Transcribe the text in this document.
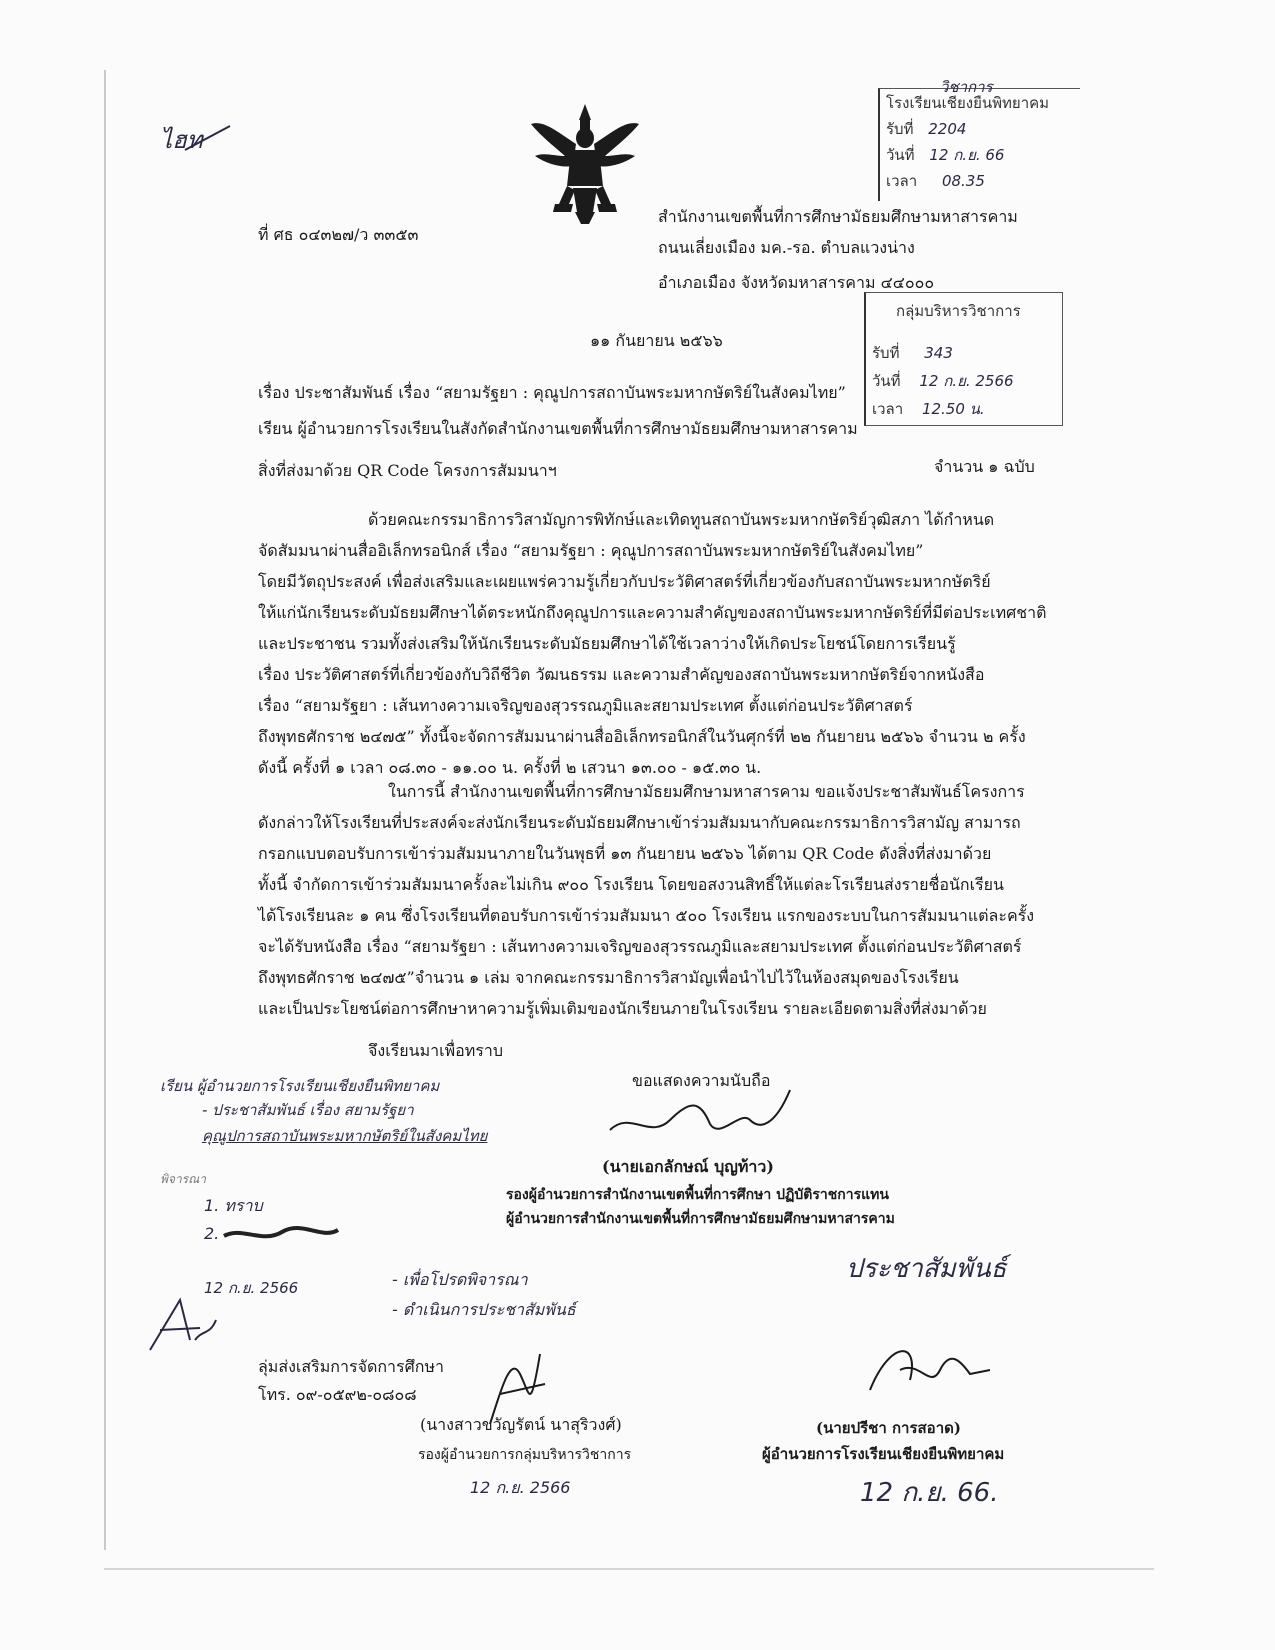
ไฮท
โรงเรียนเชียงยืนพิทยาคม
วิชาการ
รับที่ 2204
วันที่ 12 ก.ย. 66
เวลา 08.35
ที่ ศธ ๐๔๓๒๗/ว ๓๓๕๓
สำนักงานเขตพื้นที่การศึกษามัธยมศึกษามหาสารคาม
ถนนเลี่ยงเมือง มค.-รอ. ตำบลแวงน่าง
อำเภอเมือง จังหวัดมหาสารคาม ๔๔๐๐๐
กลุ่มบริหารวิชาการ
รับที่ 343
วันที่ 12 ก.ย. 2566
เวลา 12.50 น.
๑๑ กันยายน ๒๕๖๖
เรื่อง ประชาสัมพันธ์ เรื่อง “สยามรัฐยา : คุณูปการสถาบันพระมหากษัตริย์ในสังคมไทย”
เรียน ผู้อำนวยการโรงเรียนในสังกัดสำนักงานเขตพื้นที่การศึกษามัธยมศึกษามหาสารคาม
สิ่งที่ส่งมาด้วย QR Code โครงการสัมมนาฯ	จำนวน ๑ ฉบับ
ด้วยคณะกรรมาธิการวิสามัญการพิทักษ์และเทิดทูนสถาบันพระมหากษัตริย์วุฒิสภา ได้กำหนด
จัดสัมมนาผ่านสื่ออิเล็กทรอนิกส์ เรื่อง “สยามรัฐยา : คุณูปการสถาบันพระมหากษัตริย์ในสังคมไทย”
โดยมีวัตถุประสงค์ เพื่อส่งเสริมและเผยแพร่ความรู้เกี่ยวกับประวัติศาสตร์ที่เกี่ยวข้องกับสถาบันพระมหากษัตริย์
ให้แก่นักเรียนระดับมัธยมศึกษาได้ตระหนักถึงคุณูปการและความสำคัญของสถาบันพระมหากษัตริย์ที่มีต่อประเทศชาติ
และประชาชน รวมทั้งส่งเสริมให้นักเรียนระดับมัธยมศึกษาได้ใช้เวลาว่างให้เกิดประโยชน์โดยการเรียนรู้
เรื่อง ประวัติศาสตร์ที่เกี่ยวข้องกับวิถีชีวิต วัฒนธรรม และความสำคัญของสถาบันพระมหากษัตริย์จากหนังสือ
เรื่อง “สยามรัฐยา : เส้นทางความเจริญของสุวรรณภูมิและสยามประเทศ ตั้งแต่ก่อนประวัติศาสตร์
ถึงพุทธศักราช ๒๔๗๕” ทั้งนี้จะจัดการสัมมนาผ่านสื่ออิเล็กทรอนิกส์ในวันศุกร์ที่ ๒๒ กันยายน ๒๕๖๖ จำนวน ๒ ครั้ง
ดังนี้ ครั้งที่ ๑ เวลา ๐๘.๓๐ - ๑๑.๐๐ น. ครั้งที่ ๒ เสวนา ๑๓.๐๐ - ๑๕.๓๐ น.
ในการนี้ สำนักงานเขตพื้นที่การศึกษามัธยมศึกษามหาสารคาม ขอแจ้งประชาสัมพันธ์โครงการ
ดังกล่าวให้โรงเรียนที่ประสงค์จะส่งนักเรียนระดับมัธยมศึกษาเข้าร่วมสัมมนากับคณะกรรมาธิการวิสามัญ สามารถ
กรอกแบบตอบรับการเข้าร่วมสัมมนาภายในวันพุธที่ ๑๓ กันยายน ๒๕๖๖ ได้ตาม QR Code ดังสิ่งที่ส่งมาด้วย
ทั้งนี้ จำกัดการเข้าร่วมสัมมนาครั้งละไม่เกิน ๙๐๐ โรงเรียน โดยขอสงวนสิทธิ์ให้แต่ละโรเรียนส่งรายชื่อนักเรียน
ได้โรงเรียนละ ๑ คน ซึ่งโรงเรียนที่ตอบรับการเข้าร่วมสัมมนา ๕๐๐ โรงเรียน แรกของระบบในการสัมมนาแต่ละครั้ง
จะได้รับหนังสือ เรื่อง “สยามรัฐยา : เส้นทางความเจริญของสุวรรณภูมิและสยามประเทศ ตั้งแต่ก่อนประวัติศาสตร์
ถึงพุทธศักราช ๒๔๗๕”จำนวน ๑ เล่ม จากคณะกรรมาธิการวิสามัญเพื่อนำไปไว้ในห้องสมุดของโรงเรียน
และเป็นประโยชน์ต่อการศึกษาหาความรู้เพิ่มเติมของนักเรียนภายในโรงเรียน รายละเอียดตามสิ่งที่ส่งมาด้วย
จึงเรียนมาเพื่อทราบ
ขอแสดงความนับถือ
เรียน ผู้อำนวยการโรงเรียนเชียงยืนพิทยาคม
- ประชาสัมพันธ์ เรื่อง สยามรัฐยา
คุณูปการสถาบันพระมหากษัตริย์ในสังคมไทย
พิจารณา
1. ทราบ
2.
12 ก.ย. 2566
(นายเอกลักษณ์ บุญท้าว)
รองผู้อำนวยการสำนักงานเขตพื้นที่การศึกษา ปฏิบัติราชการแทน
ผู้อำนวยการสำนักงานเขตพื้นที่การศึกษามัธยมศึกษามหาสารคาม
- เพื่อโปรดพิจารณา
- ดำเนินการประชาสัมพันธ์
ประชาสัมพันธ์
ลุ่มส่งเสริมการจัดการศึกษา
โทร. ๐๙-๐๕๙๒-๐๘๐๘
(นางสาวขวัญรัตน์ นาสุริวงศ์)
รองผู้อำนวยการกลุ่มบริหารวิชาการ
12 ก.ย. 2566
(นายปรีชา การสอาด)
ผู้อำนวยการโรงเรียนเชียงยืนพิทยาคม
12 ก.ย. 66.
